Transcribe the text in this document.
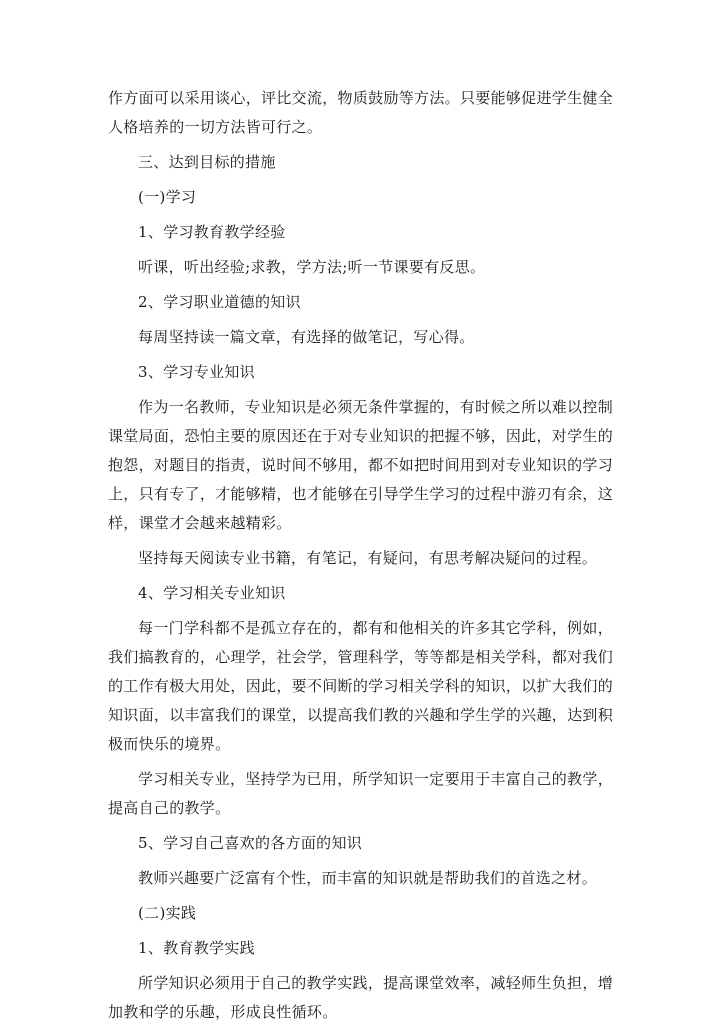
作方面可以采用谈心，评比交流，物质鼓励等方法。只要能够促进学生健全人格培养的一切方法皆可行之。

三、达到目标的措施

(一)学习

1、学习教育教学经验

听课，听出经验;求教，学方法;听一节课要有反思。

2、学习职业道德的知识

每周坚持读一篇文章，有选择的做笔记，写心得。

3、学习专业知识

作为一名教师，专业知识是必须无条件掌握的，有时候之所以难以控制课堂局面，恐怕主要的原因还在于对专业知识的把握不够，因此，对学生的抱怨，对题目的指责，说时间不够用，都不如把时间用到对专业知识的学习上，只有专了，才能够精，也才能够在引导学生学习的过程中游刃有余，这样，课堂才会越来越精彩。

坚持每天阅读专业书籍，有笔记，有疑问，有思考解决疑问的过程。

4、学习相关专业知识

每一门学科都不是孤立存在的，都有和他相关的许多其它学科，例如，我们搞教育的，心理学，社会学，管理科学，等等都是相关学科，都对我们的工作有极大用处，因此，要不间断的学习相关学科的知识，以扩大我们的知识面，以丰富我们的课堂，以提高我们教的兴趣和学生学的兴趣，达到积极而快乐的境界。

学习相关专业，坚持学为已用，所学知识一定要用于丰富自己的教学，提高自己的教学。

5、学习自己喜欢的各方面的知识

教师兴趣要广泛富有个性，而丰富的知识就是帮助我们的首选之材。

(二)实践

1、教育教学实践

所学知识必须用于自己的教学实践，提高课堂效率，减轻师生负担，增加教和学的乐趣，形成良性循环。
